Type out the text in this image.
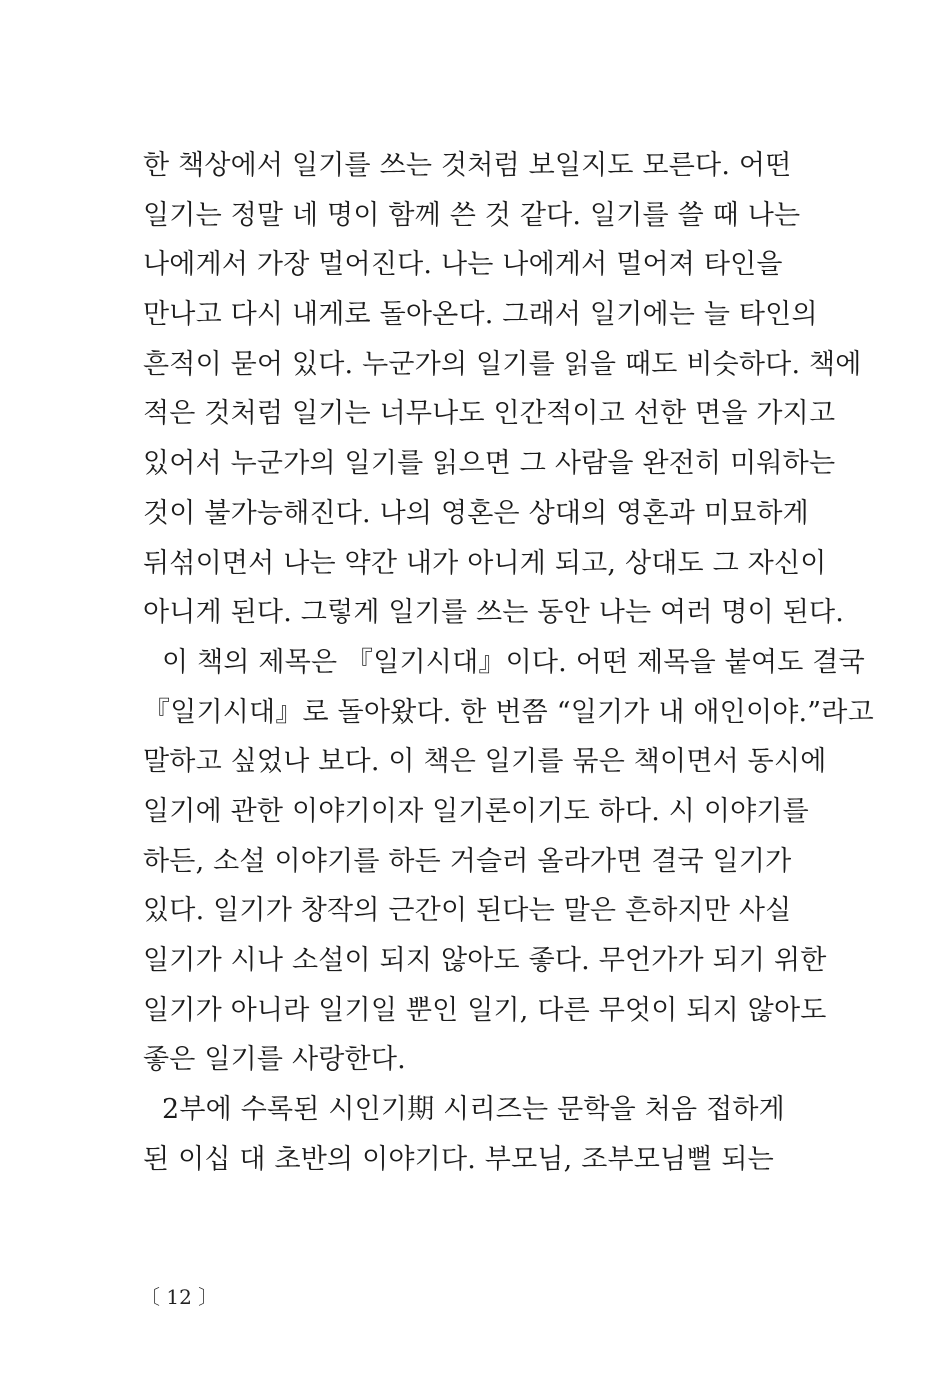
한 책상에서 일기를 쓰는 것처럼 보일지도 모른다. 어떤
일기는 정말 네 명이 함께 쓴 것 같다. 일기를 쓸 때 나는
나에게서 가장 멀어진다. 나는 나에게서 멀어져 타인을
만나고 다시 내게로 돌아온다. 그래서 일기에는 늘 타인의
흔적이 묻어 있다. 누군가의 일기를 읽을 때도 비슷하다. 책에
적은 것처럼 일기는 너무나도 인간적이고 선한 면을 가지고
있어서 누군가의 일기를 읽으면 그 사람을 완전히 미워하는
것이 불가능해진다. 나의 영혼은 상대의 영혼과 미묘하게
뒤섞이면서 나는 약간 내가 아니게 되고, 상대도 그 자신이
아니게 된다. 그렇게 일기를 쓰는 동안 나는 여러 명이 된다.
이 책의 제목은 『일기시대』이다. 어떤 제목을 붙여도 결국
『일기시대』로 돌아왔다. 한 번쯤 “일기가 내 애인이야.”라고
말하고 싶었나 보다. 이 책은 일기를 묶은 책이면서 동시에
일기에 관한 이야기이자 일기론이기도 하다. 시 이야기를
하든, 소설 이야기를 하든 거슬러 올라가면 결국 일기가
있다. 일기가 창작의 근간이 된다는 말은 흔하지만 사실
일기가 시나 소설이 되지 않아도 좋다. 무언가가 되기 위한
일기가 아니라 일기일 뿐인 일기, 다른 무엇이 되지 않아도
좋은 일기를 사랑한다.
2부에 수록된 시인기期 시리즈는 문학을 처음 접하게
된 이십 대 초반의 이야기다. 부모님, 조부모님뻘 되는
〔 12 〕
